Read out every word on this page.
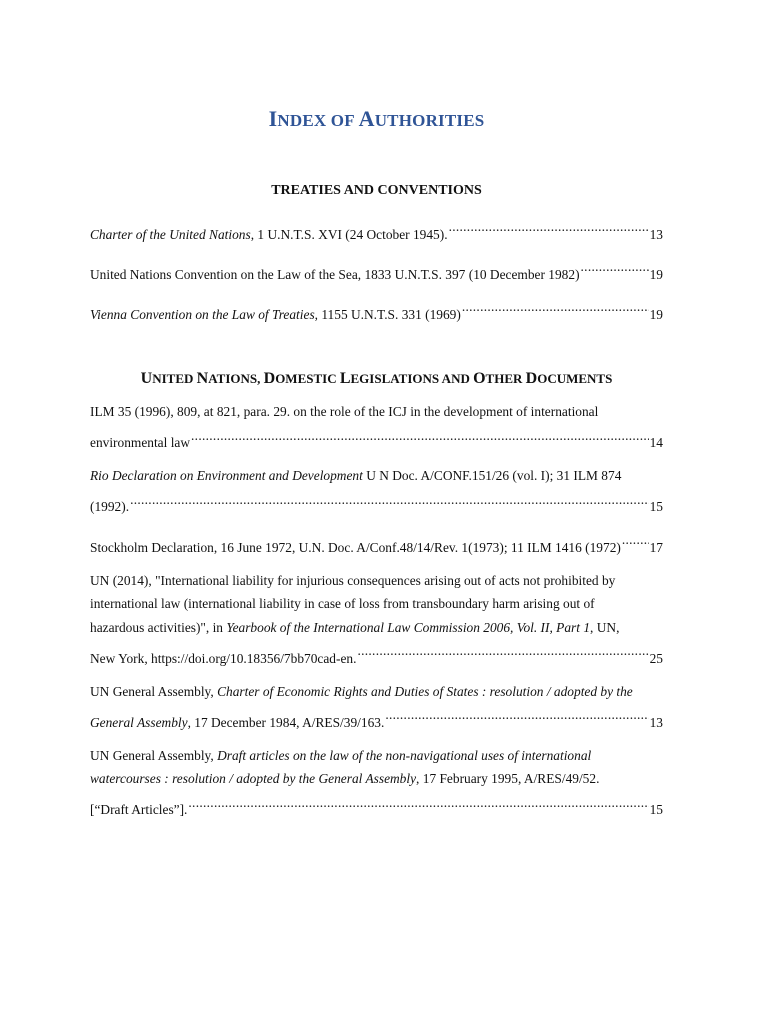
INDEX OF AUTHORITIES
TREATIES AND CONVENTIONS
Charter of the United Nations, 1 U.N.T.S. XVI (24 October 1945). .....	13
United Nations Convention on the Law of the Sea, 1833 U.N.T.S. 397 (10 December 1982) .....	19
Vienna Convention on the Law of Treaties, 1155 U.N.T.S. 331 (1969) .....	19
UNITED NATIONS, DOMESTIC LEGISLATIONS AND OTHER DOCUMENTS
ILM 35 (1996), 809, at 821, para. 29. on the role of the ICJ in the development of international
environmental law .....	14
Rio Declaration on Environment and Development U N Doc. A/CONF.151/26 (vol. I); 31 ILM 874
(1992). .....	15
Stockholm Declaration, 16 June 1972, U.N. Doc. A/Conf.48/14/Rev. 1(1973); 11 ILM 1416 (1972) ..... 17
UN (2014), "International liability for injurious consequences arising out of acts not prohibited by
international law (international liability in case of loss from transboundary harm arising out of
hazardous activities)", in Yearbook of the International Law Commission 2006, Vol. II, Part 1, UN,
New York, https://doi.org/10.18356/7bb70cad-en. .....	25
UN General Assembly, Charter of Economic Rights and Duties of States : resolution / adopted by the
General Assembly, 17 December 1984, A/RES/39/163. .....	13
UN General Assembly, Draft articles on the law of the non-navigational uses of international
watercourses : resolution / adopted by the General Assembly, 17 February 1995, A/RES/49/52.
[“Draft Articles”]. .....	15
